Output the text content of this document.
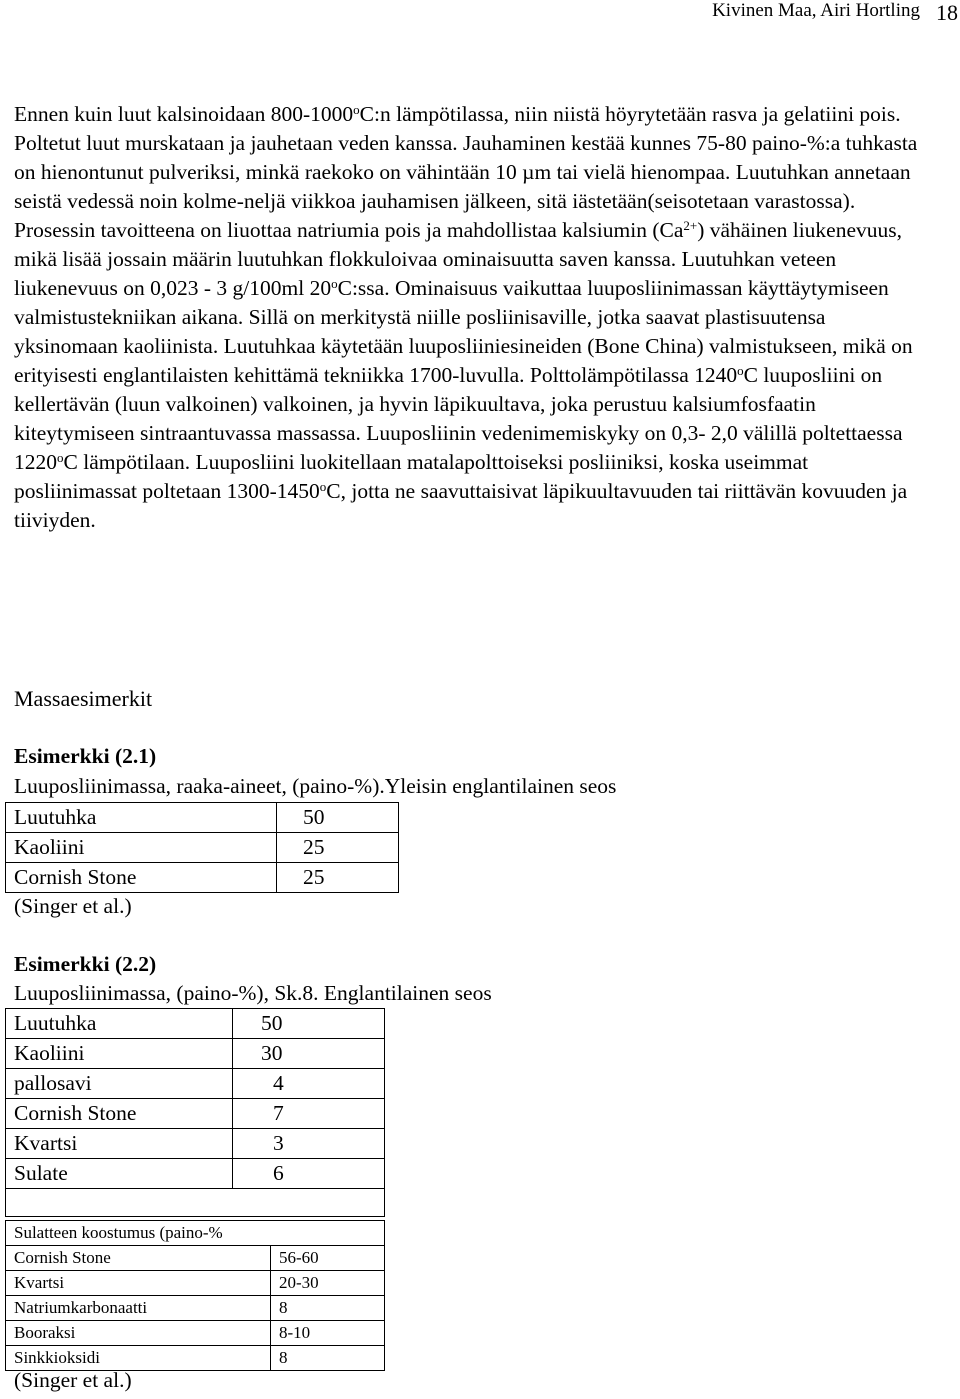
Kivinen Maa, Airi Hortling 18

Ennen kuin luut kalsinoidaan 800-1000$^o$C:n lämpötilassa, niin niistä höyrytetään rasva ja gelatiini pois. Poltetut luut murskataan ja jauhetaan veden kanssa. Jauhaminen kestää kunnes 75-80 paino-%:a tuhkasta on hienontunut pulveriksi, minkä raekoko on vähintään 10 µm tai vielä hienompaa. Luutuhkan annetaan seistä vedessä noin kolme-neljä viikkoa jauhamisen jälkeen, sitä iästetään(seisotetaan varastossa). Prosessin tavoitteena on liuottaa natriumia pois ja mahdollistaa kalsiumin $(Ca^{2+})$ vähäinen liukenevuus, mikä lisää jossain määrin luutuhkan flokkuloivaa ominaisuutta saven kanssa. Luutuhkan veteen liukenevuus on 0,023 - 3 g/100ml 20$^o$C:ssa. Ominaisuus vaikuttaa luuposliinimassan käyttäytymiseen valmistustekniikan aikana. Sillä on merkitystä niille posliinisaville, jotka saavat plastisuutensa yksinomaan kaoliinista. Luutuhkaa käytetään luuposliiniesineiden (Bone China) valmistukseen, mikä on erityisesti englantilaisten kehittämä tekniikka 1700-luvulla. Polttolämpötilassa 1240$^o$C luuposliini on kellertävän (luun valkoinen) valkoinen, ja hyvin läpikuultava, joka perustuu kalsiumfosfaatin kiteytymiseen sintraantuvassa massassa. Luuposliinin vedenimemiskyky on 0,3- 2,0 välillä poltettaessa 1220$^o$C lämpötilaan. Luuposliini luokitellaan matalapolttoiseksi posliiniksi, koska useimmat posliinimassat poltetaan 1300-1450$^o$C, jotta ne saavuttaisivat läpikuultavuuden tai riittävän kovuuden ja tiiviyden.

Massaesimerkit

Esimerkki (2.1)

Luuposliinimassa, raaka-aineet, (paino-%).Yleisin englantilainen seos

Luutuhka	50
Kaoliini	25
Cornish Stone	25

(Singer et al.)

Esimerkki (2.2)

Luuposliinimassa, (paino-%), Sk.8. Englantilainen seos

Luutuhka	50
Kaoliini	30
pallosavi	4
Cornish Stone	7
Kvartsi	3
Sulate	6

Sulatteen koostumus (paino-%	
Cornish Stone	56-60
Kvartsi	20-30
Natriumkarbonaatti	8
Booraksi	8-10
Sinkkioksidi	8

(Singer et al.)
